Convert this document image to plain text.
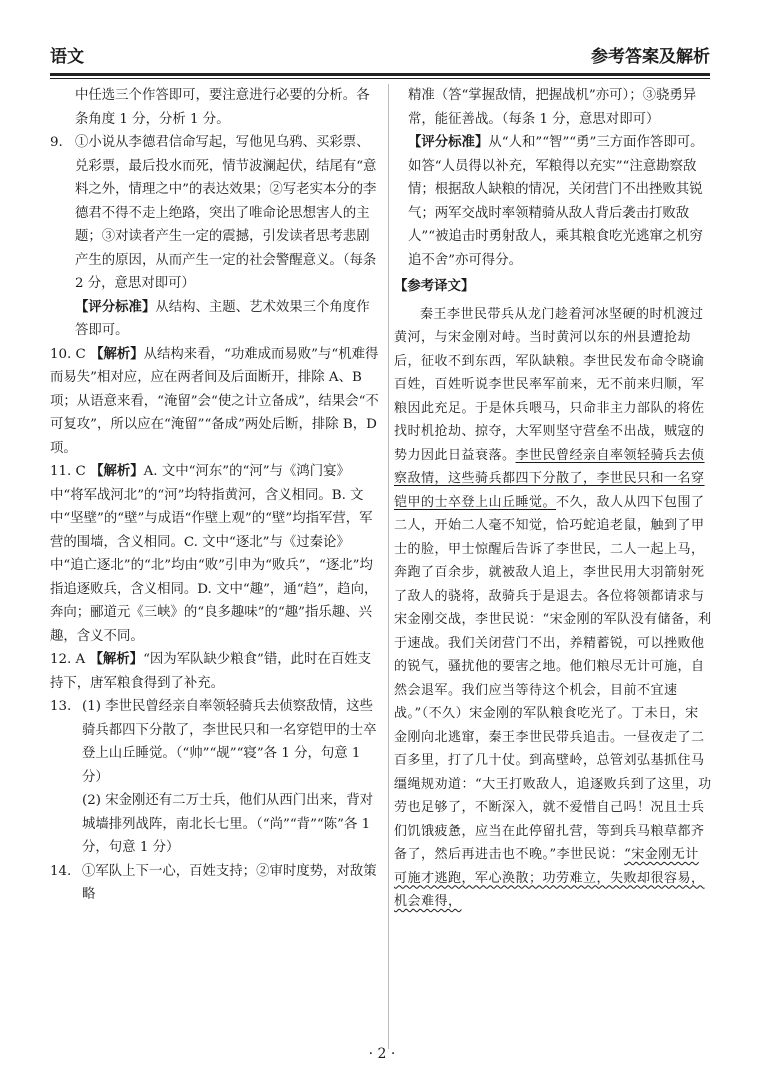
语文	参考答案及解析

中任选三个作答即可，要注意进行必要的分析。各条角度 1 分，分析 1 分。

9. ①小说从李德君信命写起，写他见乌鸦、买彩票、兑彩票，最后投水而死，情节波澜起伏，结尾有“意料之外，情理之中”的表达效果；②写老实本分的李德君不得不走上绝路，突出了唯命论思想害人的主题；③对读者产生一定的震撼，引发读者思考悲剧产生的原因，从而产生一定的社会警醒意义。（每条 2 分，意思对即可）

【评分标准】从结构、主题、艺术效果三个角度作答即可。

10. C 【解析】从结构来看，“功难成而易败”与“机难得而易失”相对应，应在两者间及后面断开，排除 A、B 项；从语意来看，“淹留”会“使之计立备成”，结果会“不可复攻”，所以应在“淹留”“备成”两处后断，排除 B，D 项。
11. C 【解析】A. 文中“河东”的“河”与《鸿门宴》中“将军战河北”的“河”均特指黄河，含义相同。B. 文中“坚壁”的“壁”与成语“作壁上观”的“壁”均指军营，军营的围墙，含义相同。C. 文中“逐北”与《过秦论》中“追亡逐北”的“北”均由“败”引申为“败兵”，“逐北”均指追逐败兵，含义相同。D. 文中“趣”，通“趋”，趋向，奔向；郦道元《三峡》的“良多趣味”的“趣”指乐趣、兴趣，含义不同。
12. A 【解析】“因为军队缺少粮食”错，此时在百姓支持下，唐军粮食得到了补充。
13. (1) 李世民曾经亲自率领轻骑兵去侦察敌情，这些骑兵都四下分散了，李世民只和一名穿铠甲的士卒登上山丘睡觉。（“帅”“觇”“寝”各 1 分，句意 1 分）
(2) 宋金刚还有二万士兵，他们从西门出来，背对城墙排列战阵，南北长七里。（“尚”“背”“陈”各 1 分，句意 1 分）
14. ①军队上下一心，百姓支持；②审时度势，对敌策略

精准（答“掌握敌情，把握战机”亦可）；③骁勇异常，能征善战。（每条 1 分，意思对即可）

【评分标准】从“人和”“智”“勇”三方面作答即可。如答“人员得以补充，军粮得以充实”“注意勘察敌情；根据敌人缺粮的情况，关闭营门不出挫败其锐气；两军交战时率领精骑从敌人背后袭击打败敌人”“被追击时勇射敌人，乘其粮食吃光逃窜之机穷追不舍”亦可得分。

【参考译文】

秦王李世民带兵从龙门趁着河冰坚硬的时机渡过黄河，与宋金刚对峙。当时黄河以东的州县遭抢劫后，征收不到东西，军队缺粮。李世民发布命令晓谕百姓，百姓听说李世民率军前来，无不前来归顺，军粮因此充足。于是休兵喂马，只命非主力部队的将佐找时机抢劫、掠夺，大军则坚守营垒不出战，贼寇的势力因此日益衰落。李世民曾经亲自率领轻骑兵去侦察敌情，这些骑兵都四下分散了，李世民只和一名穿铠甲的士卒登上山丘睡觉。不久，敌人从四下包围了二人，开始二人毫不知觉，恰巧蛇追老鼠，触到了甲士的脸，甲士惊醒后告诉了李世民，二人一起上马，奔跑了百余步，就被敌人追上，李世民用大羽箭射死了敌人的骁将，敌骑兵于是退去。各位将领都请求与宋金刚交战，李世民说：“宋金刚的军队没有储备，利于速战。我们关闭营门不出，养精蓄锐，可以挫败他的锐气，骚扰他的要害之地。他们粮尽无计可施，自然会退军。我们应当等待这个机会，目前不宜速战。”（不久）宋金刚的军队粮食吃光了。丁未日，宋金刚向北逃窜，秦王李世民带兵追击。一昼夜走了二百多里，打了几十仗。到高壁岭，总管刘弘基抓住马缰绳规劝道：“大王打败敌人，追逐败兵到了这里，功劳也足够了，不断深入，就不爱惜自己吗！况且士兵们饥饿疲惫，应当在此停留扎营，等到兵马粮草都齐备了，然后再进击也不晚。”李世民说：“宋金刚无计可施才逃跑，军心涣散；功劳难立，失败却很容易，机会难得，

· 2 ·
